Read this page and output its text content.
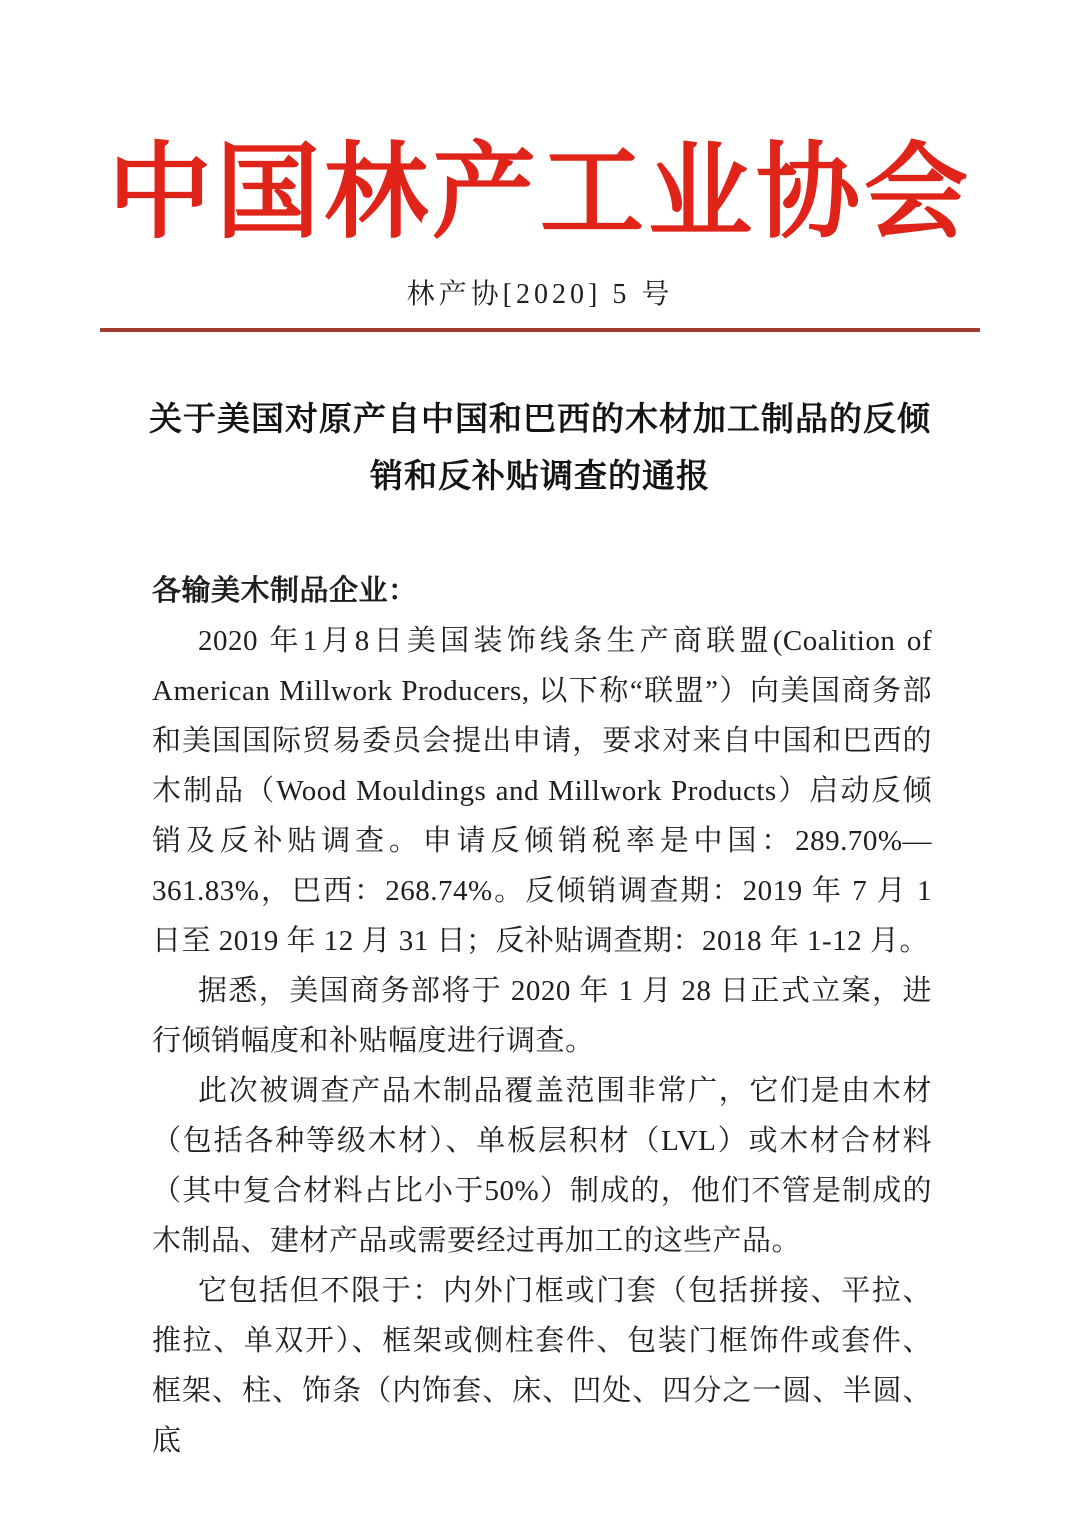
中国林产工业协会
林产协[2020] 5 号
关于美国对原产自中国和巴西的木材加工制品的反倾
销和反补贴调查的通报

各输美木制品企业：

2020 年1月8日美国装饰线条生产商联盟(Coalition of American Millwork Producers, 以下称“联盟”）向美国商务部和美国国际贸易委员会提出申请，要求对来自中国和巴西的木制品（Wood Mouldings and Millwork Products）启动反倾销及反补贴调查。申请反倾销税率是中国：289.70%—361.83%，巴西：268.74%。反倾销调查期：2019 年 7 月 1 日至 2019 年 12 月 31 日；反补贴调查期：2018 年 1-12 月。

据悉，美国商务部将于 2020 年 1 月 28 日正式立案，进行倾销幅度和补贴幅度进行调查。

此次被调查产品木制品覆盖范围非常广，它们是由木材（包括各种等级木材）、单板层积材（LVL）或木材合材料（其中复合材料占比小于50%）制成的，他们不管是制成的木制品、建材产品或需要经过再加工的这些产品。

它包括但不限于：内外门框或门套（包括拼接、平拉、推拉、单双开）、框架或侧柱套件、包装门框饰件或套件、框架、柱、饰条（内饰套、床、凹处、四分之一圆、半圆、底
